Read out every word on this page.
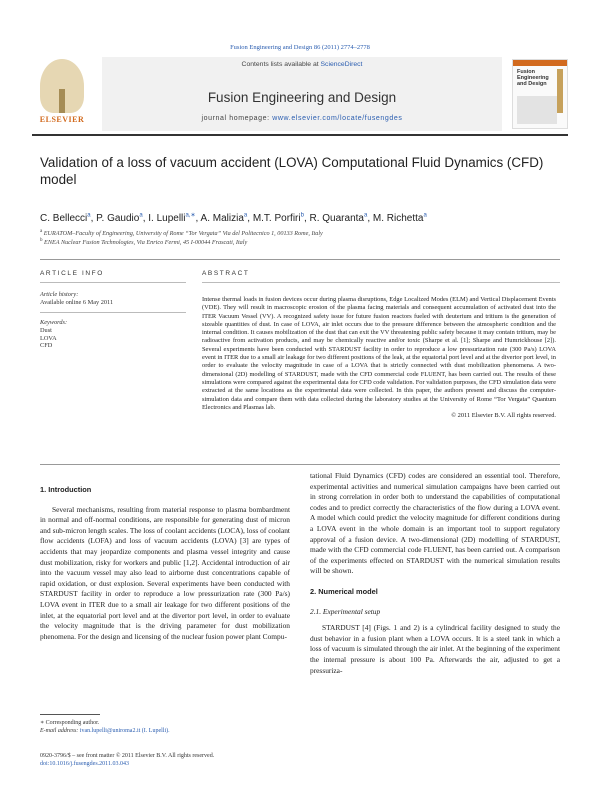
Fusion Engineering and Design 86 (2011) 2774–2778
ELSEVIER
Contents lists available at ScienceDirect
Fusion Engineering and Design
journal homepage: www.elsevier.com/locate/fusengdes
Fusion Engineering and Design
Validation of a loss of vacuum accident (LOVA) Computational Fluid Dynamics (CFD) model
C. Bellecci$^a$, P. Gaudio$^a$, I. Lupelli$^{a,∗}$, A. Malizia$^a$, M.T. Porfiri$^b$, R. Quaranta$^a$, M. Richetta$^a$
$^a$ EURATOM–Faculty of Engineering, University of Rome “Tor Vergata” Via del Politecnico 1, 00133 Rome, Italy
$^b$ ENEA Nuclear Fusion Technologies, Via Enrico Fermi, 45 I-00044 Frascati, Italy
ARTICLE INFO	ABSTRACT
Article history:
Available online 6 May 2011
Keywords:
Dust
LOVA
CFD
Intense thermal loads in fusion devices occur during plasma disruptions, Edge Localized Modes (ELM) and Vertical Displacement Events (VDE). They will result in macroscopic erosion of the plasma facing materials and consequent accumulation of activated dust into the ITER Vacuum Vessel (VV). A recognized safety issue for future fusion reactors fueled with deuterium and tritium is the generation of sizeable quantities of dust. In case of LOVA, air inlet occurs due to the pressure difference between the atmospheric condition and the internal condition. It causes mobilization of the dust that can exit the VV threatening public safety because it may contain tritium, may be radioactive from activation products, and may be chemically reactive and/or toxic (Sharpe et al. [1]; Sharpe and Humrickhouse [2]). Several experiments have been conducted with STARDUST facility in order to reproduce a low pressurization rate (300 Pa/s) LOVA event in ITER due to a small air leakage for two different positions of the leak, at the equatorial port level and at the divertor port level, in order to evaluate the velocity magnitude in case of a LOVA that is strictly connected with dust mobilization phenomena. A two-dimensional (2D) modelling of STARDUST, made with the CFD commercial code FLUENT, has been carried out. The results of these simulations were compared against the experimental data for CFD code validation. For validation purposes, the CFD simulation data were extracted at the same locations as the experimental data were collected. In this paper, the authors present and discuss the computer-simulation data and compare them with data collected during the laboratory studies at the University of Rome “Tor Vergata” Quantum Electronics and Plasmas lab.
© 2011 Elsevier B.V. All rights reserved.
1. Introduction

Several mechanisms, resulting from material response to plasma bombardment in normal and off-normal conditions, are responsible for generating dust of micron and sub-micron length scales. The loss of coolant accidents (LOCA), loss of coolant flow accidents (LOFA) and loss of vacuum accidents (LOVA) [3] are types of accidents that may jeopardize components and plasma vessel integrity and cause dust mobilization, risky for workers and public [1,2]. Accidental introduction of air into the vacuum vessel may also lead to airborne dust concentrations capable of rapid oxidation, or dust explosion. Several experiments have been conducted with STARDUST facility in order to reproduce a low pressurization rate (300 Pa/s) LOVA event in ITER due to a small air leakage for two different positions of the inlet, at the equatorial port level and at the divertor port level, in order to evaluate the velocity magnitude that is the driving parameter for dust mobilization phenomena. For the design and licensing of the nuclear fusion power plant Compu-

tational Fluid Dynamics (CFD) codes are considered an essential tool. Therefore, experimental activities and numerical simulation campaigns have been carried out in strong correlation in order both to understand the capabilities of computational codes and to predict correctly the characteristics of the flow during a LOVA event. A model which could predict the velocity magnitude for different conditions during a LOVA event in the whole domain is an important tool to support regulatory approval of a fusion device. A two-dimensional (2D) modelling of STARDUST, made with the CFD commercial code FLUENT, has been carried out. A comparison of the experiments effected on STARDUST with the numerical simulation results will be shown.

2. Numerical model
2.1. Experimental setup

STARDUST [4] (Figs. 1 and 2) is a cylindrical facility designed to study the dust behavior in a fusion plant when a LOVA occurs. It is a steel tank in which a loss of vacuum is simulated through the air inlet. At the beginning of the experiment the internal pressure is about 100 Pa. Afterwards the air, adjusted to get a pressuriza-

∗ Corresponding author.
E-mail address: ivan.lupelli@uniroma2.it (I. Lupelli).
0920-3796/$ – see front matter © 2011 Elsevier B.V. All rights reserved.
doi:10.1016/j.fusengdes.2011.03.043
